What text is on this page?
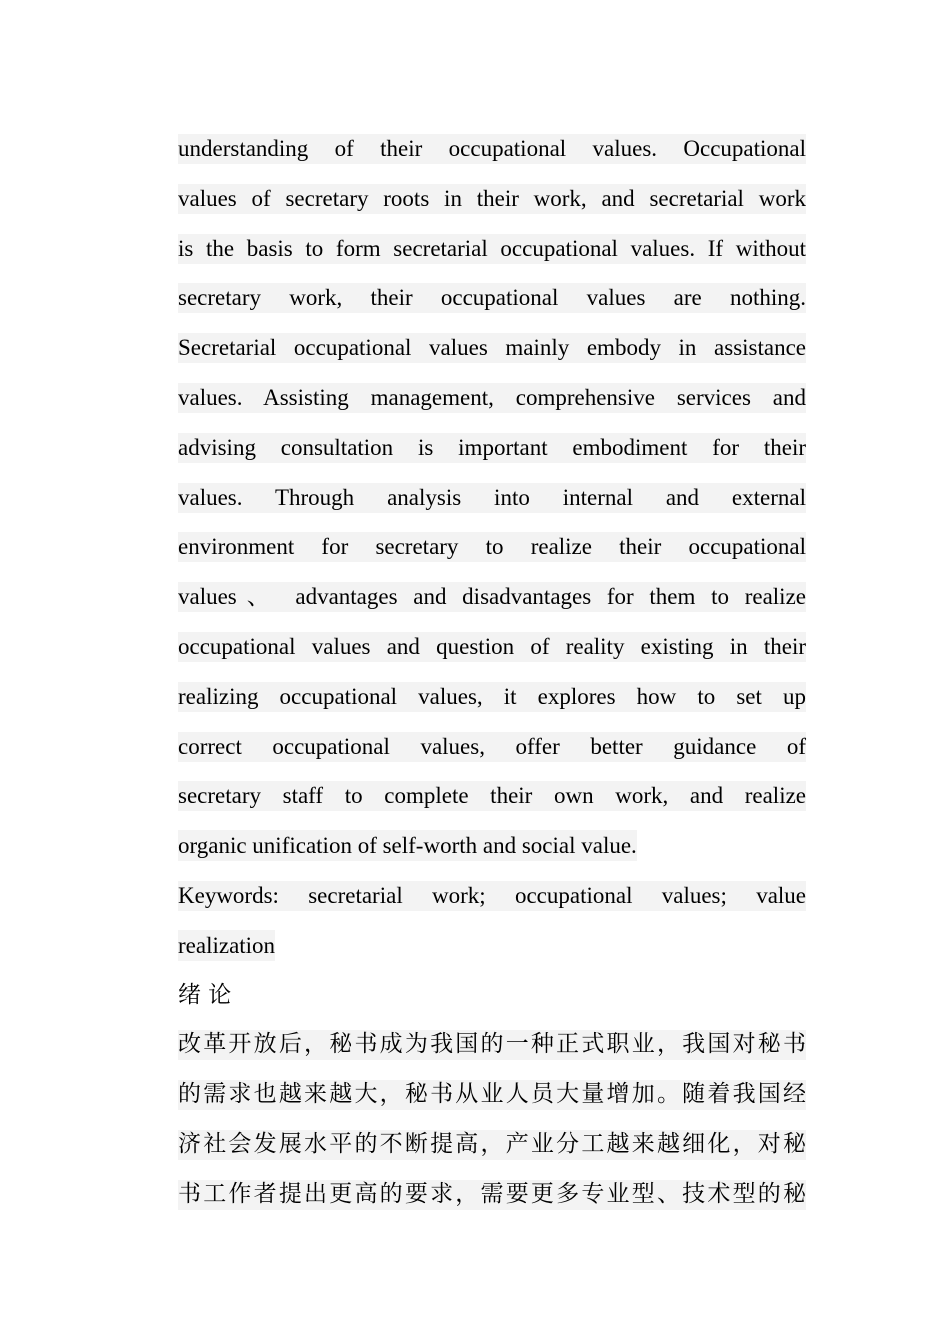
understanding of their occupational values. Occupational
values of secretary roots in their work, and secretarial work
is the basis to form secretarial occupational values. If without
secretary work, their occupational values are nothing.
Secretarial occupational values mainly embody in assistance
values. Assisting management, comprehensive services and
advising consultation is important embodiment for their
values. Through analysis into internal and external
environment for secretary to realize their occupational
values、 advantages and disadvantages for them to realize
occupational values and question of reality existing in their
realizing occupational values, it explores how to set up
correct occupational values, offer better guidance of
secretary staff to complete their own work, and realize
organic unification of self-worth and social value.
Keywords: secretarial work; occupational values; value
realization
绪 论
改革开放后，秘书成为我国的一种正式职业，我国对秘书
的需求也越来越大，秘书从业人员大量增加。随着我国经
济社会发展水平的不断提高，产业分工越来越细化，对秘
书工作者提出更高的要求，需要更多专业型、技术型的秘
